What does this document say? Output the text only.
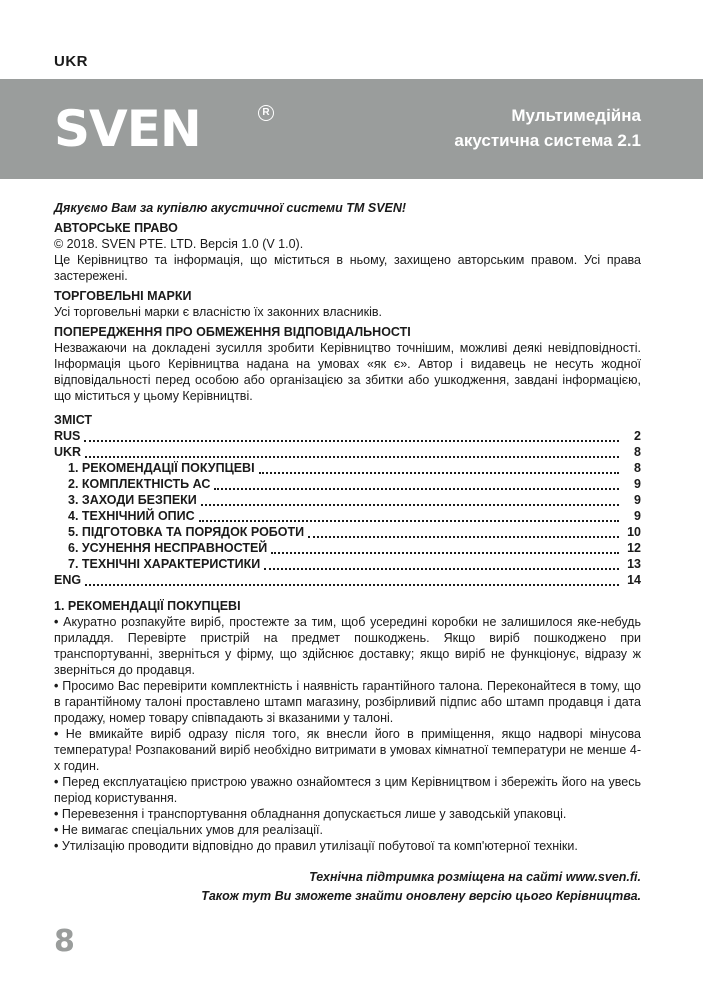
UKR
SVEN	R	Мультимедійна
акустична система 2.1

Дякуємо Вам за купівлю акустичної системи ТМ SVEN!

АВТОРСЬКЕ ПРАВО

© 2018. SVEN PTE. LTD. Версія 1.0 (V 1.0).

Це Керівництво та інформація, що міститься в ньому, захищено авторським правом. Усі права застережені.

ТОРГОВЕЛЬНІ МАРКИ

Усі торговельні марки є власністю їх законних власників.

ПОПЕРЕДЖЕННЯ ПРО ОБМЕЖЕННЯ ВІДПОВІДАЛЬНОСТІ

Незважаючи на докладені зусилля зробити Керівництво точнішим, можливі деякі невідповідності. Інформація цього Керівництва надана на умовах «як є». Автор і видавець не несуть жодної відповідальності перед особою або організацією за збитки або ушкодження, завдані інформацією, що міститься у цьому Керівництві.

ЗМІСТ

RUS	2
UKR	8
1. РЕКОМЕНДАЦІЇ ПОКУПЦЕВІ	8
2. КОМПЛЕКТНІСТЬ АС	9
3. ЗАХОДИ БЕЗПЕКИ	9
4. ТЕХНІЧНИЙ ОПИС	9
5. ПІДГОТОВКА ТА ПОРЯДОК РОБОТИ	10
6. УСУНЕННЯ НЕСПРАВНОСТЕЙ	12
7. ТЕХНІЧНІ ХАРАКТЕРИСТИКИ	13
ENG	14

1. РЕКОМЕНДАЦІЇ ПОКУПЦЕВІ

• Акуратно розпакуйте виріб, простежте за тим, щоб усередині коробки не залишилося яке-небудь приладдя. Перевірте пристрій на предмет пошкоджень. Якщо виріб пошкоджено при транспортуванні, зверніться у фірму, що здійснює доставку; якщо виріб не функціонує, відразу ж зверніться до продавця.
• Просимо Вас перевірити комплектність і наявність гарантійного талона. Переконайтеся в тому, що в гарантійному талоні проставлено штамп магазину, розбірливий підпис або штамп продавця і дата продажу, номер товару співпадають зі вказаними у талоні.
• Не вмикайте виріб одразу після того, як внесли його в приміщення, якщо надворі мінусова температура! Розпакований виріб необхідно витримати в умовах кімнатної температури не менше 4-х годин.
• Перед експлуатацією пристрою уважно ознайомтеся з цим Керівництвом і збережіть його на увесь період користування.
• Перевезення і транспортування обладнання допускається лише у заводській упаковці.
• Не вимагає спеціальних умов для реалізації.
• Утилізацію проводити відповідно до правил утилізації побутової та комп'ютерної техніки.
Технічна підтримка розміщена на сайті www.sven.fi.
Також тут Ви зможете знайти оновлену версію цього Керівництва.
8
